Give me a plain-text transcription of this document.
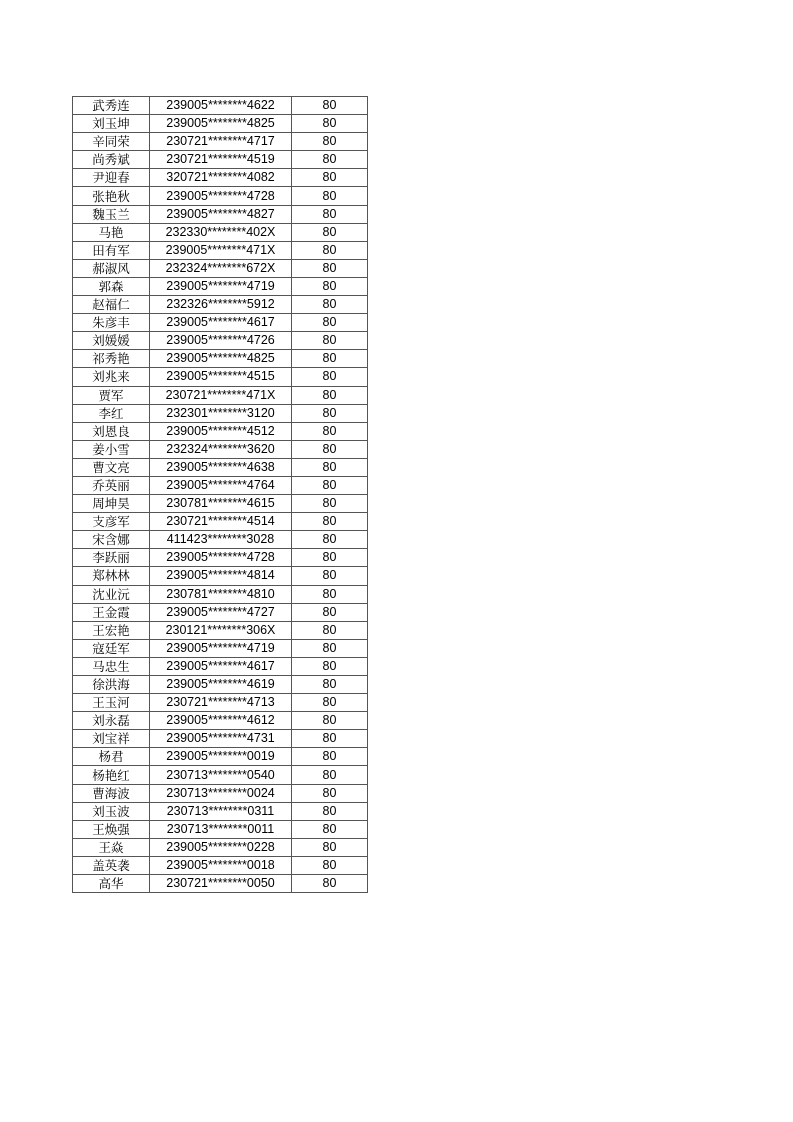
武秀连	239005********4622	80
刘玉坤	239005********4825	80
辛同荣	230721********4717	80
尚秀斌	230721********4519	80
尹迎春	320721********4082	80
张艳秋	239005********4728	80
魏玉兰	239005********4827	80
马艳	232330********402X	80
田有军	239005********471X	80
郝淑风	232324********672X	80
郭森	239005********4719	80
赵福仁	232326********5912	80
朱彦丰	239005********4617	80
刘媛媛	239005********4726	80
祁秀艳	239005********4825	80
刘兆来	239005********4515	80
贾军	230721********471X	80
李红	232301********3120	80
刘恩良	239005********4512	80
姜小雪	232324********3620	80
曹文亮	239005********4638	80
乔英丽	239005********4764	80
周坤昊	230781********4615	80
支彦军	230721********4514	80
宋含娜	411423********3028	80
李跃丽	239005********4728	80
郑林林	239005********4814	80
沈业沅	230781********4810	80
王金霞	239005********4727	80
王宏艳	230121********306X	80
寇廷军	239005********4719	80
马忠生	239005********4617	80
徐洪海	239005********4619	80
王玉河	230721********4713	80
刘永磊	239005********4612	80
刘宝祥	239005********4731	80
杨君	239005********0019	80
杨艳红	230713********0540	80
曹海波	230713********0024	80
刘玉波	230713********0311	80
王焕强	230713********0011	80
王焱	239005********0228	80
盖英袭	239005********0018	80
高华	230721********0050	80
